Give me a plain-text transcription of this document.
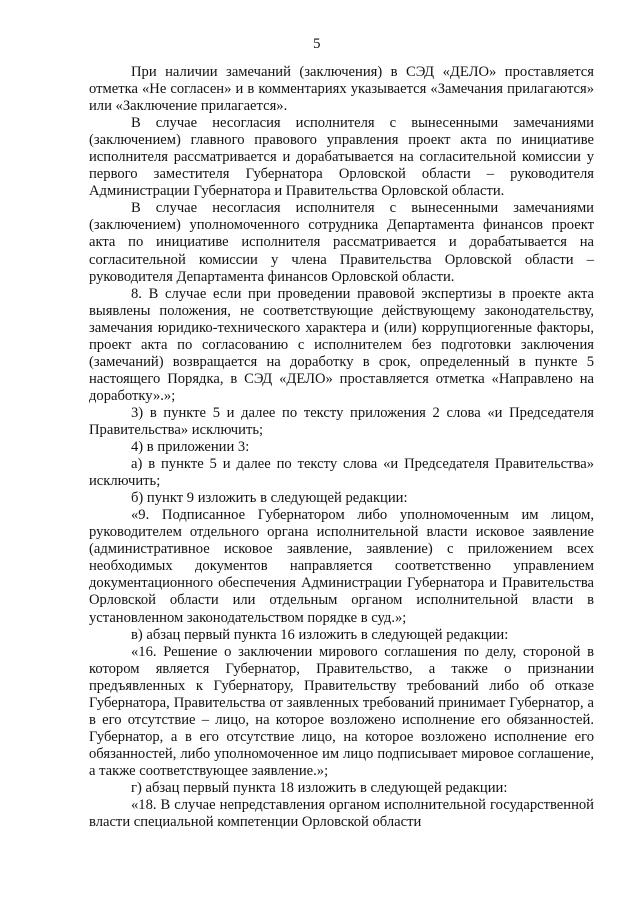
5

При наличии замечаний (заключения) в СЭД «ДЕЛО» проставляется отметка «Не согласен» и в комментариях указывается «Замечания прилагаются» или «Заключение прилагается».

В случае несогласия исполнителя с вынесенными замечаниями (заключением) главного правового управления проект акта по инициативе исполнителя рассматривается и дорабатывается на согласительной комиссии у первого заместителя Губернатора Орловской области – руководителя Администрации Губернатора и Правительства Орловской области.

В случае несогласия исполнителя с вынесенными замечаниями (заключением) уполномоченного сотрудника Департамента финансов проект акта по инициативе исполнителя рассматривается и дорабатывается на согласительной комиссии у члена Правительства Орловской области – руководителя Департамента финансов Орловской области.

8. В случае если при проведении правовой экспертизы в проекте акта выявлены положения, не соответствующие действующему законодательству, замечания юридико-технического характера и (или) коррупциогенные факторы, проект акта по согласованию с исполнителем без подготовки заключения (замечаний) возвращается на доработку в срок, определенный в пункте 5 настоящего Порядка, в СЭД «ДЕЛО» проставляется отметка «Направлено на доработку».»;

3) в пункте 5 и далее по тексту приложения 2 слова «и Председателя Правительства» исключить;

4) в приложении 3:

а) в пункте 5 и далее по тексту слова «и Председателя Правительства» исключить;

б) пункт 9 изложить в следующей редакции:

«9. Подписанное Губернатором либо уполномоченным им лицом, руководителем отдельного органа исполнительной власти исковое заявление (административное исковое заявление, заявление) с приложением всех необходимых документов направляется соответственно управлением документационного обеспечения Администрации Губернатора и Правительства Орловской области или отдельным органом исполнительной власти в установленном законодательством порядке в суд.»;

в) абзац первый пункта 16 изложить в следующей редакции:

«16. Решение о заключении мирового соглашения по делу, стороной в котором является Губернатор, Правительство, а также о признании предъявленных к Губернатору, Правительству требований либо об отказе Губернатора, Правительства от заявленных требований принимает Губернатор, а в его отсутствие – лицо, на которое возложено исполнение его обязанностей. Губернатор, а в его отсутствие лицо, на которое возложено исполнение его обязанностей, либо уполномоченное им лицо подписывает мировое соглашение, а также соответствующее заявление.»;

г) абзац первый пункта 18 изложить в следующей редакции:

«18. В случае непредставления органом исполнительной государственной власти специальной компетенции Орловской области
